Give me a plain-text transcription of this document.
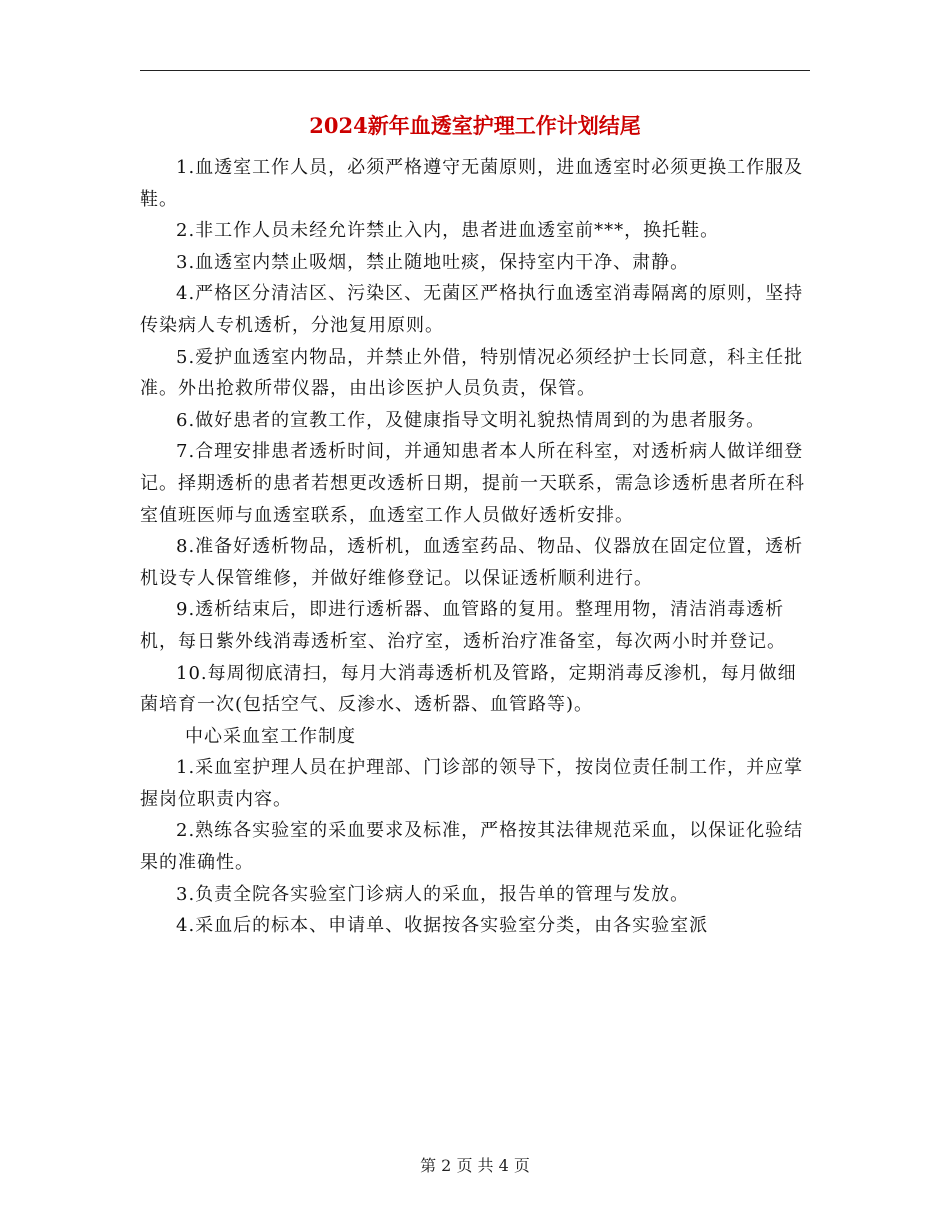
2024新年血透室护理工作计划结尾

1.血透室工作人员，必须严格遵守无菌原则，进血透室时必须更换工作服及鞋。

2.非工作人员未经允许禁止入内，患者进血透室前***，换托鞋。

3.血透室内禁止吸烟，禁止随地吐痰，保持室内干净、肃静。

4.严格区分清洁区、污染区、无菌区严格执行血透室消毒隔离的原则，坚持传染病人专机透析，分池复用原则。

5.爱护血透室内物品，并禁止外借，特别情况必须经护士长同意，科主任批准。外出抢救所带仪器，由出诊医护人员负责，保管。

6.做好患者的宣教工作，及健康指导文明礼貌热情周到的为患者服务。

7.合理安排患者透析时间，并通知患者本人所在科室，对透析病人做详细登记。择期透析的患者若想更改透析日期，提前一天联系，需急诊透析患者所在科室值班医师与血透室联系，血透室工作人员做好透析安排。

8.准备好透析物品，透析机，血透室药品、物品、仪器放在固定位置，透析机设专人保管维修，并做好维修登记。以保证透析顺利进行。

9.透析结束后，即进行透析器、血管路的复用。整理用物，清洁消毒透析机，每日紫外线消毒透析室、治疗室，透析治疗准备室，每次两小时并登记。

10.每周彻底清扫，每月大消毒透析机及管路，定期消毒反渗机，每月做细菌培育一次(包括空气、反渗水、透析器、血管路等)。

中心采血室工作制度

1.采血室护理人员在护理部、门诊部的领导下，按岗位责任制工作，并应掌握岗位职责内容。

2.熟练各实验室的采血要求及标准，严格按其法律规范采血，以保证化验结果的准确性。

3.负责全院各实验室门诊病人的采血，报告单的管理与发放。

4.采血后的标本、申请单、收据按各实验室分类，由各实验室派

第 2 页 共 4 页
